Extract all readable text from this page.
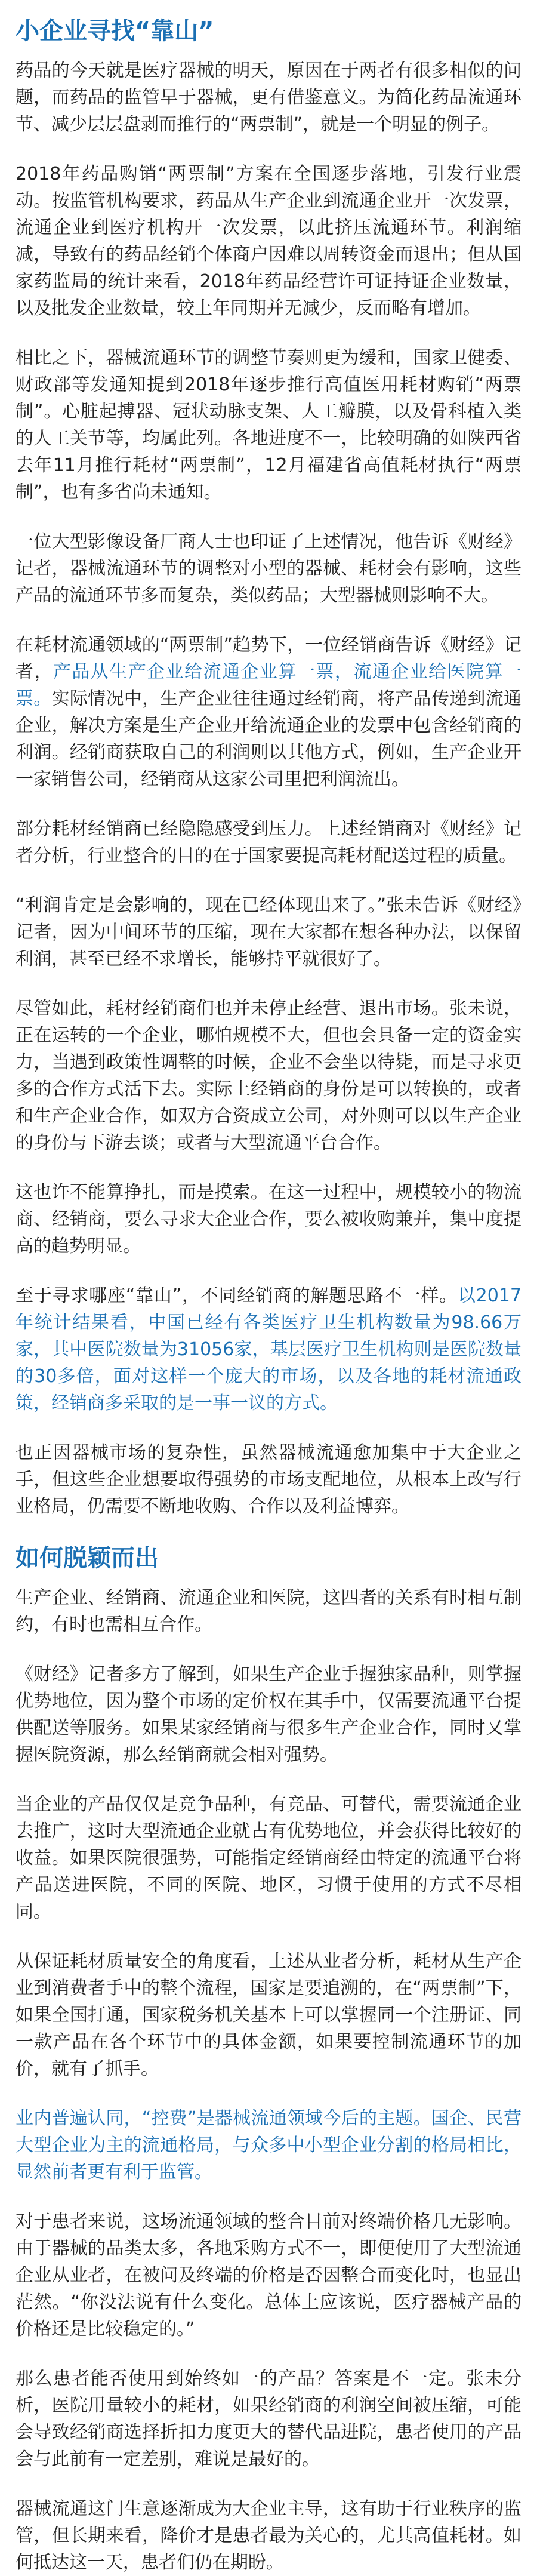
小企业寻找“靠山”

药品的今天就是医疗器械的明天，原因在于两者有很多相似的问题，而药品的监管早于器械，更有借鉴意义。为简化药品流通环节、减少层层盘剥而推行的“两票制”，就是一个明显的例子。

2018年药品购销“两票制”方案在全国逐步落地，引发行业震动。按监管机构要求，药品从生产企业到流通企业开一次发票，流通企业到医疗机构开一次发票，以此挤压流通环节。利润缩减，导致有的药品经销个体商户因难以周转资金而退出；但从国家药监局的统计来看，2018年药品经营许可证持证企业数量，以及批发企业数量，较上年同期并无减少，反而略有增加。

相比之下，器械流通环节的调整节奏则更为缓和，国家卫健委、财政部等发通知提到2018年逐步推行高值医用耗材购销“两票制”。心脏起搏器、冠状动脉支架、人工瓣膜，以及骨科植入类的人工关节等，均属此列。各地进度不一，比较明确的如陕西省去年11月推行耗材“两票制”，12月福建省高值耗材执行“两票制”，也有多省尚未通知。

一位大型影像设备厂商人士也印证了上述情况，他告诉《财经》记者，器械流通环节的调整对小型的器械、耗材会有影响，这些产品的流通环节多而复杂，类似药品；大型器械则影响不大。

在耗材流通领域的“两票制”趋势下，一位经销商告诉《财经》记者，产品从生产企业给流通企业算一票，流通企业给医院算一票。实际情况中，生产企业往往通过经销商，将产品传递到流通企业，解决方案是生产企业开给流通企业的发票中包含经销商的利润。经销商获取自己的利润则以其他方式，例如，生产企业开一家销售公司，经销商从这家公司里把利润流出。

部分耗材经销商已经隐隐感受到压力。上述经销商对《财经》记者分析，行业整合的目的在于国家要提高耗材配送过程的质量。

“利润肯定是会影响的，现在已经体现出来了。”张未告诉《财经》记者，因为中间环节的压缩，现在大家都在想各种办法，以保留利润，甚至已经不求增长，能够持平就很好了。

尽管如此，耗材经销商们也并未停止经营、退出市场。张未说，正在运转的一个企业，哪怕规模不大，但也会具备一定的资金实力，当遇到政策性调整的时候，企业不会坐以待毙，而是寻求更多的合作方式活下去。实际上经销商的身份是可以转换的，或者和生产企业合作，如双方合资成立公司，对外则可以以生产企业的身份与下游去谈；或者与大型流通平台合作。

这也许不能算挣扎，而是摸索。在这一过程中，规模较小的物流商、经销商，要么寻求大企业合作，要么被收购兼并，集中度提高的趋势明显。

至于寻求哪座“靠山”，不同经销商的解题思路不一样。以2017年统计结果看，中国已经有各类医疗卫生机构数量为98.66万家，其中医院数量为31056家，基层医疗卫生机构则是医院数量的30多倍，面对这样一个庞大的市场，以及各地的耗材流通政策，经销商多采取的是一事一议的方式。

也正因器械市场的复杂性，虽然器械流通愈加集中于大企业之手，但这些企业想要取得强势的市场支配地位，从根本上改写行业格局，仍需要不断地收购、合作以及利益博弈。

如何脱颖而出

生产企业、经销商、流通企业和医院，这四者的关系有时相互制约，有时也需相互合作。

《财经》记者多方了解到，如果生产企业手握独家品种，则掌握优势地位，因为整个市场的定价权在其手中，仅需要流通平台提供配送等服务。如果某家经销商与很多生产企业合作，同时又掌握医院资源，那么经销商就会相对强势。

当企业的产品仅仅是竞争品种，有竞品、可替代，需要流通企业去推广，这时大型流通企业就占有优势地位，并会获得比较好的收益。如果医院很强势，可能指定经销商经由特定的流通平台将产品送进医院，不同的医院、地区，习惯于使用的方式不尽相同。

从保证耗材质量安全的角度看，上述从业者分析，耗材从生产企业到消费者手中的整个流程，国家是要追溯的，在“两票制”下，如果全国打通，国家税务机关基本上可以掌握同一个注册证、同一款产品在各个环节中的具体金额，如果要控制流通环节的加价，就有了抓手。

业内普遍认同，“控费”是器械流通领域今后的主题。国企、民营大型企业为主的流通格局，与众多中小型企业分割的格局相比，显然前者更有利于监管。

对于患者来说，这场流通领域的整合目前对终端价格几无影响。由于器械的品类太多，各地采购方式不一，即便使用了大型流通企业从业者，在被问及终端的价格是否因整合而变化时，也显出茫然。“你没法说有什么变化。总体上应该说，医疗器械产品的价格还是比较稳定的。”

那么患者能否使用到始终如一的产品？答案是不一定。张未分析，医院用量较小的耗材，如果经销商的利润空间被压缩，可能会导致经销商选择折扣力度更大的替代品进院，患者使用的产品会与此前有一定差别，难说是最好的。

器械流通这门生意逐渐成为大企业主导，这有助于行业秩序的监管，但长期来看，降价才是患者最为关心的，尤其高值耗材。如何抵达这一天，患者们仍在期盼。
